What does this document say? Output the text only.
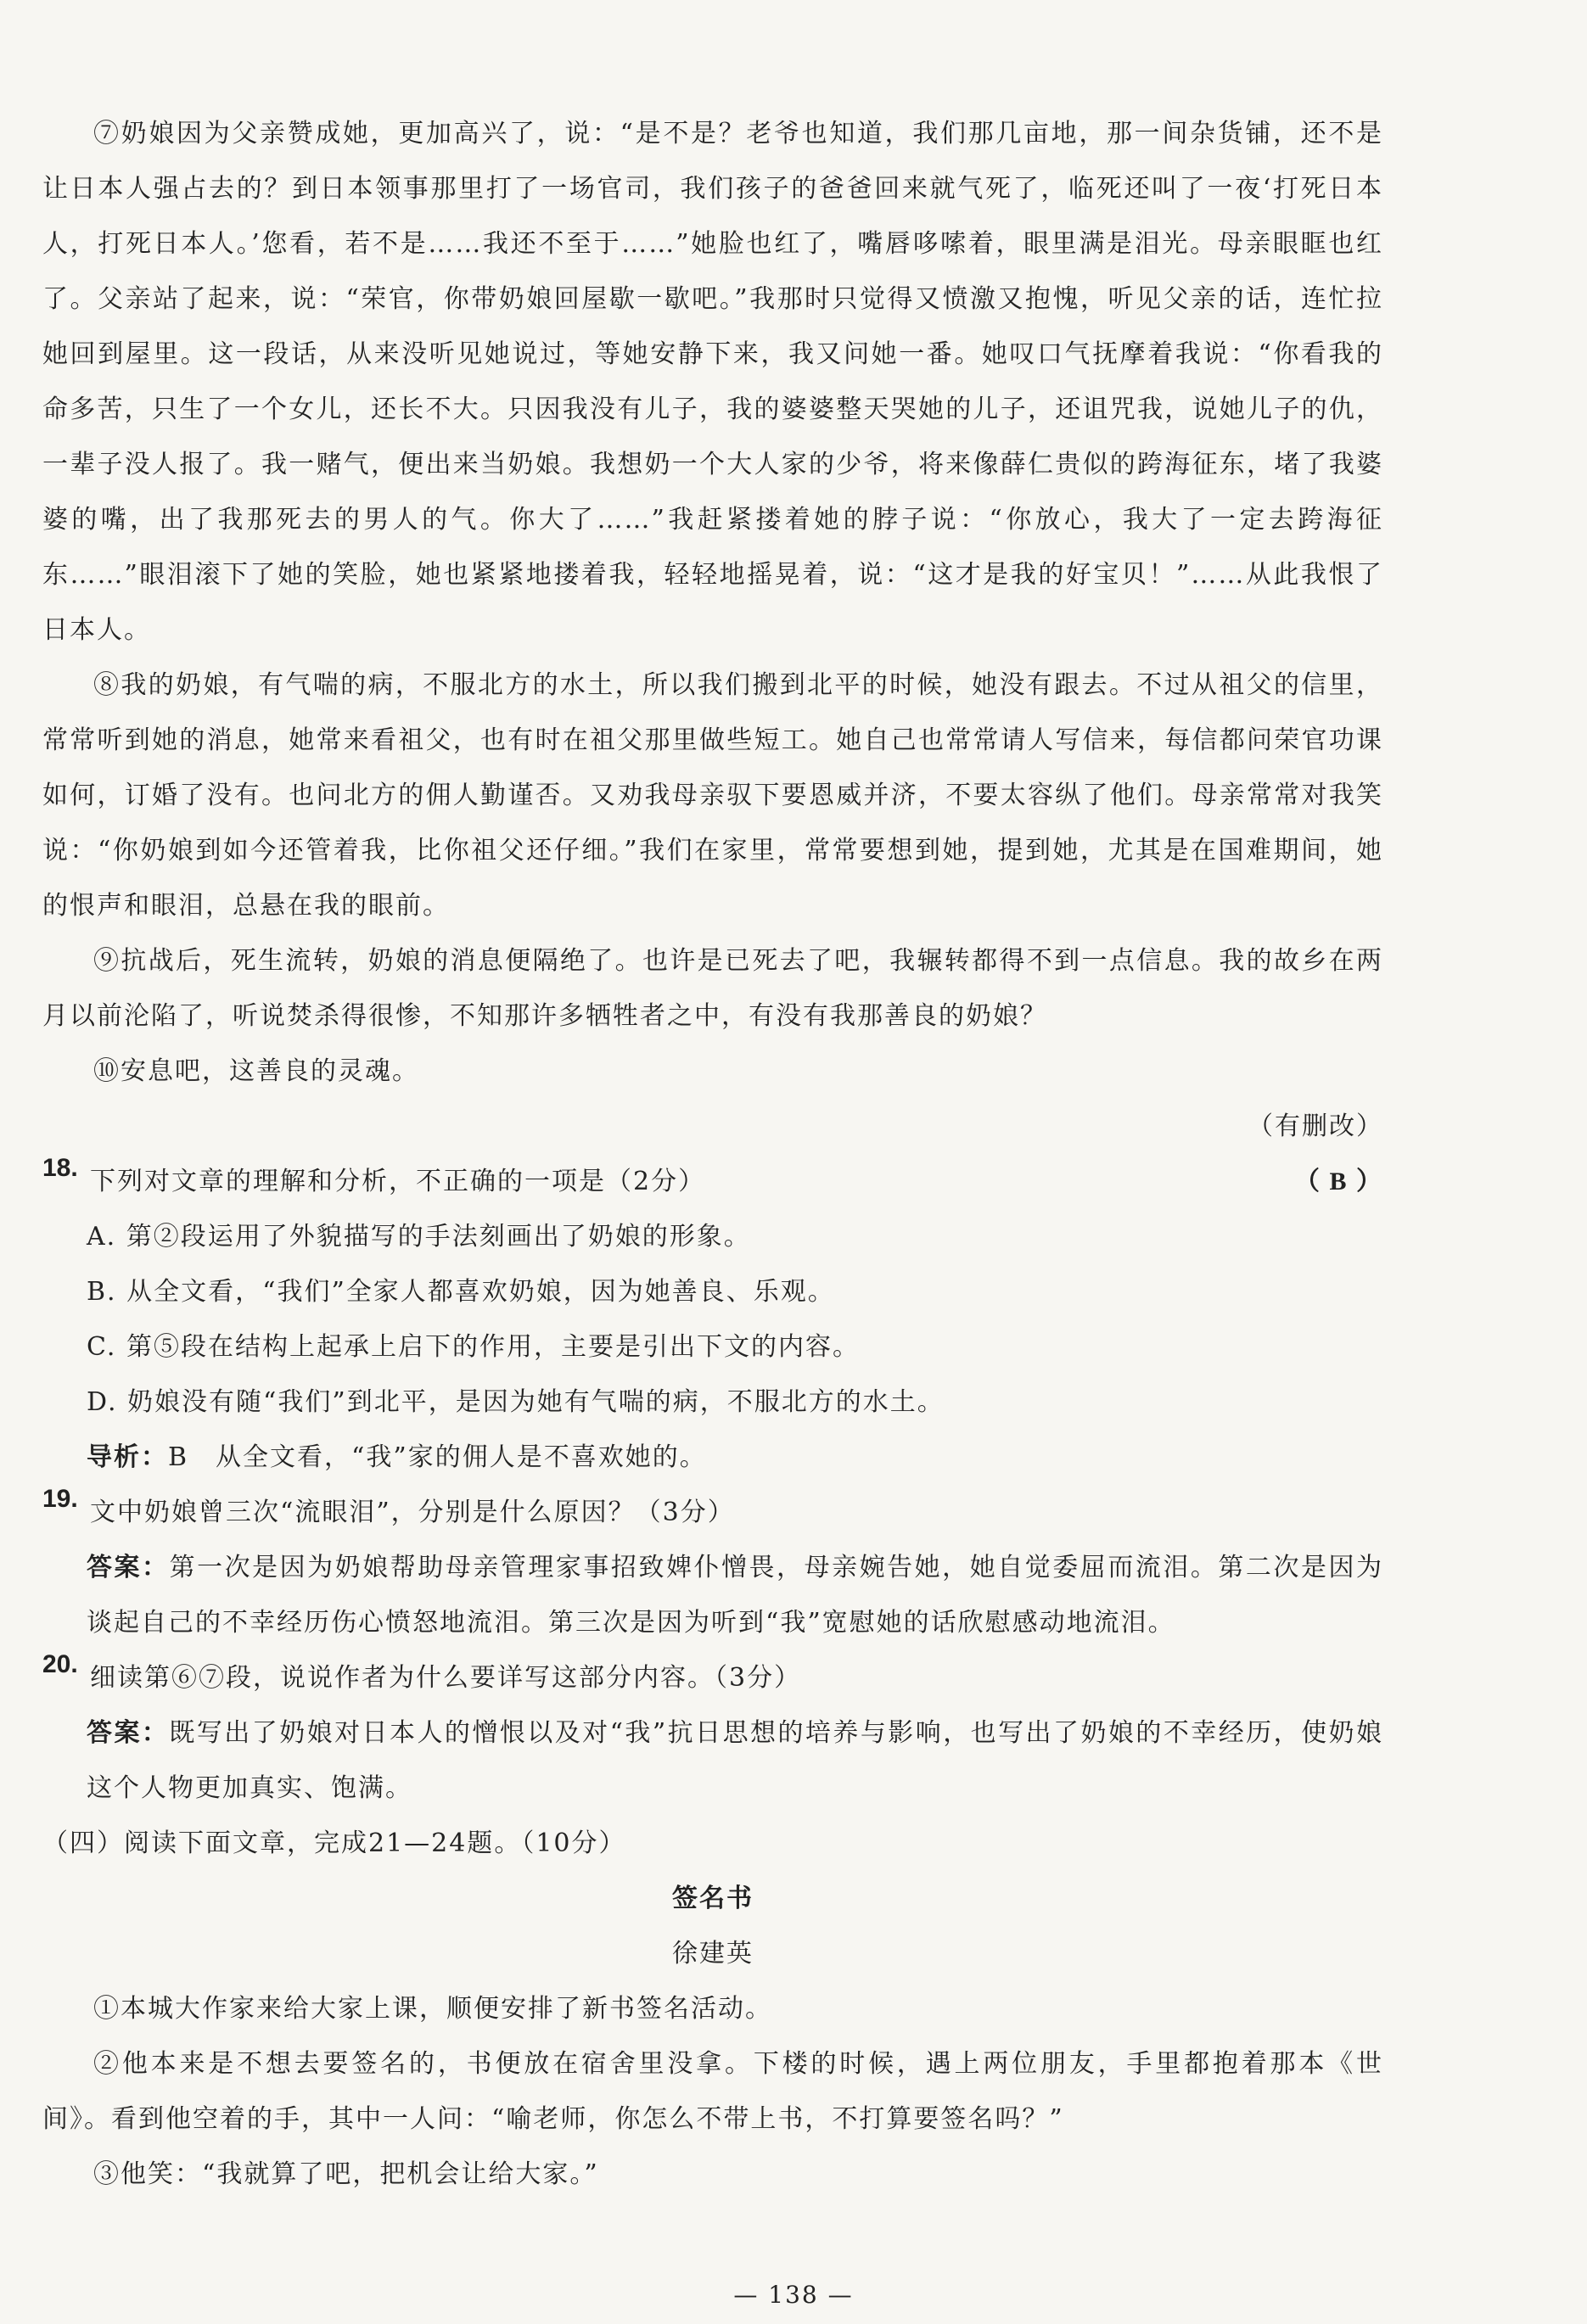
⑦奶娘因为父亲赞成她，更加高兴了，说：“是不是？老爷也知道，我们那几亩地，那一间杂货铺，还不是让日本人强占去的？到日本领事那里打了一场官司，我们孩子的爸爸回来就气死了，临死还叫了一夜‘打死日本人，打死日本人。’您看，若不是……我还不至于……”她脸也红了，嘴唇哆嗦着，眼里满是泪光。母亲眼眶也红了。父亲站了起来，说：“荣官，你带奶娘回屋歇一歇吧。”我那时只觉得又愤激又抱愧，听见父亲的话，连忙拉她回到屋里。这一段话，从来没听见她说过，等她安静下来，我又问她一番。她叹口气抚摩着我说：“你看我的命多苦，只生了一个女儿，还长不大。只因我没有儿子，我的婆婆整天哭她的儿子，还诅咒我，说她儿子的仇，一辈子没人报了。我一赌气，便出来当奶娘。我想奶一个大人家的少爷，将来像薛仁贵似的跨海征东，堵了我婆婆的嘴，出了我那死去的男人的气。你大了……”我赶紧搂着她的脖子说：“你放心，我大了一定去跨海征东……”眼泪滚下了她的笑脸，她也紧紧地搂着我，轻轻地摇晃着，说：“这才是我的好宝贝！”……从此我恨了日本人。

⑧我的奶娘，有气喘的病，不服北方的水土，所以我们搬到北平的时候，她没有跟去。不过从祖父的信里，常常听到她的消息，她常来看祖父，也有时在祖父那里做些短工。她自己也常常请人写信来，每信都问荣官功课如何，订婚了没有。也问北方的佣人勤谨否。又劝我母亲驭下要恩威并济，不要太容纵了他们。母亲常常对我笑说：“你奶娘到如今还管着我，比你祖父还仔细。”我们在家里，常常要想到她，提到她，尤其是在国难期间，她的恨声和眼泪，总悬在我的眼前。

⑨抗战后，死生流转，奶娘的消息便隔绝了。也许是已死去了吧，我辗转都得不到一点信息。我的故乡在两月以前沦陷了，听说焚杀得很惨，不知那许多牺牲者之中，有没有我那善良的奶娘？

⑩安息吧，这善良的灵魂。

（有删改）

18. 下列对文章的理解和分析，不正确的一项是（2分）	（ B ）

A. 第②段运用了外貌描写的手法刻画出了奶娘的形象。

B. 从全文看，“我们”全家人都喜欢奶娘，因为她善良、乐观。

C. 第⑤段在结构上起承上启下的作用，主要是引出下文的内容。

D. 奶娘没有随“我们”到北平，是因为她有气喘的病，不服北方的水土。

导析：B　从全文看，“我”家的佣人是不喜欢她的。

19. 文中奶娘曾三次“流眼泪”，分别是什么原因？（3分）

答案：第一次是因为奶娘帮助母亲管理家事招致婢仆憎畏，母亲婉告她，她自觉委屈而流泪。第二次是因为谈起自己的不幸经历伤心愤怒地流泪。第三次是因为听到“我”宽慰她的话欣慰感动地流泪。

20. 细读第⑥⑦段，说说作者为什么要详写这部分内容。（3分）

答案：既写出了奶娘对日本人的憎恨以及对“我”抗日思想的培养与影响，也写出了奶娘的不幸经历，使奶娘这个人物更加真实、饱满。

（四）阅读下面文章，完成21—24题。（10分）

签名书

徐建英

①本城大作家来给大家上课，顺便安排了新书签名活动。

②他本来是不想去要签名的，书便放在宿舍里没拿。下楼的时候，遇上两位朋友，手里都抱着那本《世间》。看到他空着的手，其中一人问：“喻老师，你怎么不带上书，不打算要签名吗？”

③他笑：“我就算了吧，把机会让给大家。”

— 138 —
